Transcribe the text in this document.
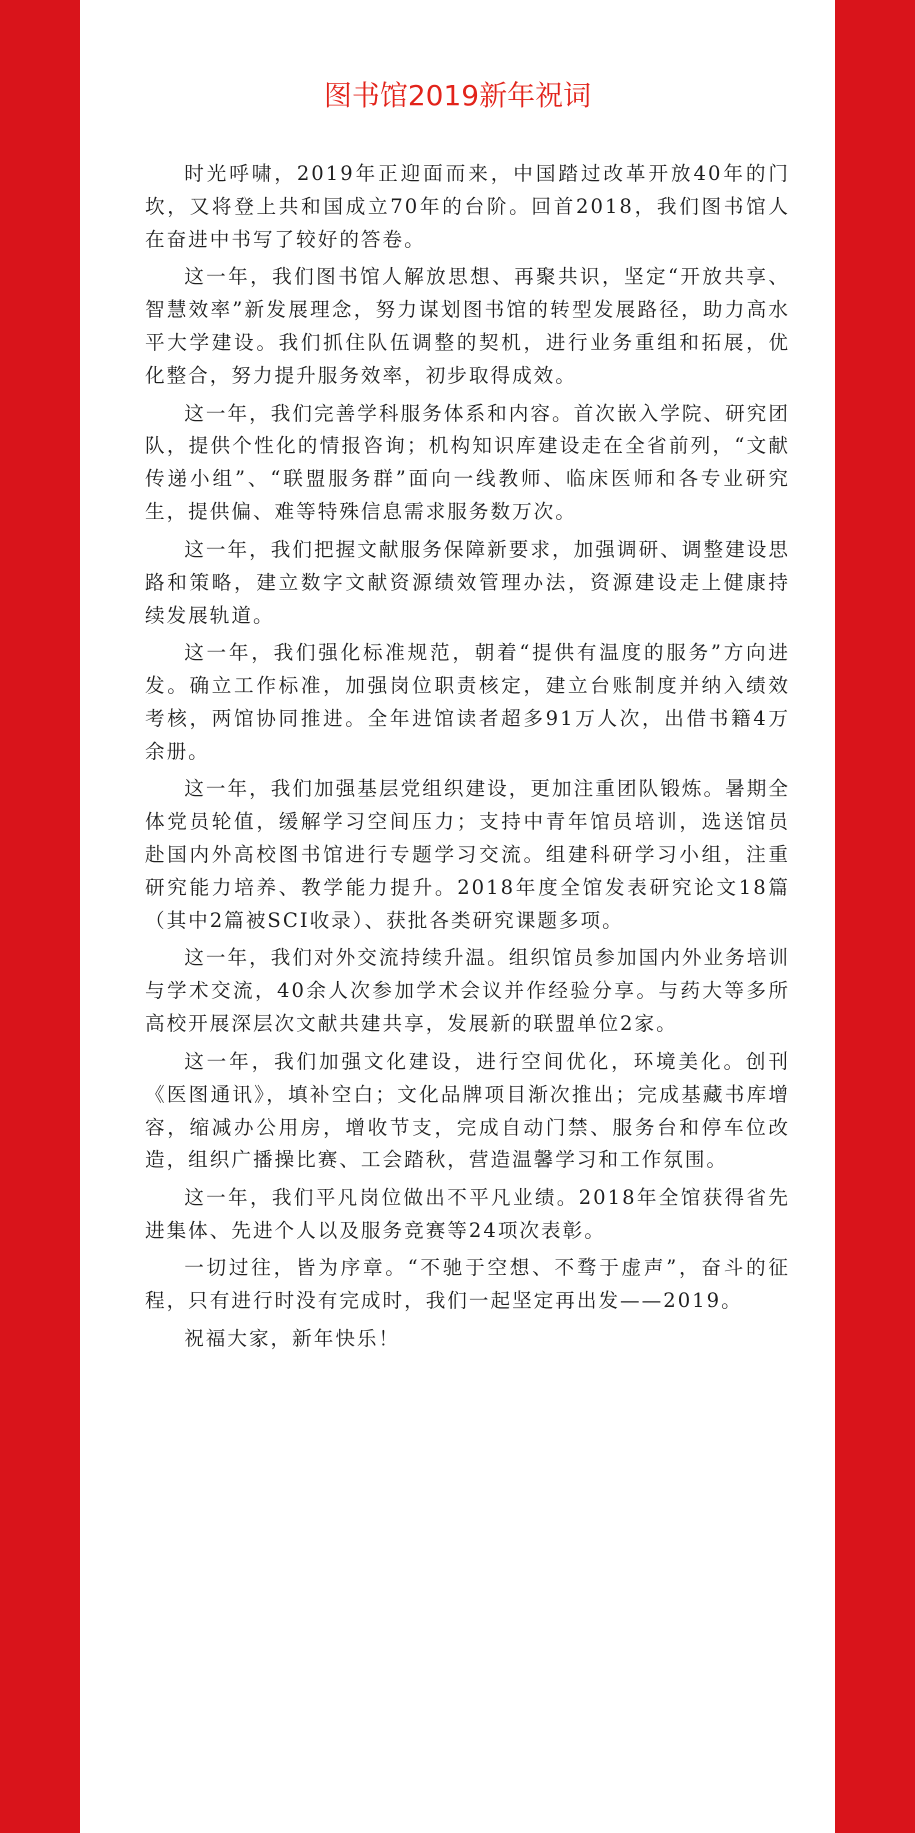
图书馆2019新年祝词

时光呼啸，2019年正迎面而来，中国踏过改革开放40年的门坎，又将登上共和国成立70年的台阶。回首2018，我们图书馆人在奋进中书写了较好的答卷。

这一年，我们图书馆人解放思想、再聚共识，坚定“开放共享、智慧效率”新发展理念，努力谋划图书馆的转型发展路径，助力高水平大学建设。我们抓住队伍调整的契机，进行业务重组和拓展，优化整合，努力提升服务效率，初步取得成效。

这一年，我们完善学科服务体系和内容。首次嵌入学院、研究团队，提供个性化的情报咨询；机构知识库建设走在全省前列，“文献传递小组”、“联盟服务群”面向一线教师、临床医师和各专业研究生，提供偏、难等特殊信息需求服务数万次。

这一年，我们把握文献服务保障新要求，加强调研、调整建设思路和策略，建立数字文献资源绩效管理办法，资源建设走上健康持续发展轨道。

这一年，我们强化标准规范，朝着“提供有温度的服务”方向进发。确立工作标准，加强岗位职责核定，建立台账制度并纳入绩效考核，两馆协同推进。全年进馆读者超多91万人次，出借书籍4万余册。

这一年，我们加强基层党组织建设，更加注重团队锻炼。暑期全体党员轮值，缓解学习空间压力；支持中青年馆员培训，选送馆员赴国内外高校图书馆进行专题学习交流。组建科研学习小组，注重研究能力培养、教学能力提升。2018年度全馆发表研究论文18篇（其中2篇被SCI收录）、获批各类研究课题多项。

这一年，我们对外交流持续升温。组织馆员参加国内外业务培训与学术交流，40余人次参加学术会议并作经验分享。与药大等多所高校开展深层次文献共建共享，发展新的联盟单位2家。

这一年，我们加强文化建设，进行空间优化，环境美化。创刊《医图通讯》，填补空白；文化品牌项目渐次推出；完成基藏书库增容，缩减办公用房，增收节支，完成自动门禁、服务台和停车位改造，组织广播操比赛、工会踏秋，营造温馨学习和工作氛围。

这一年，我们平凡岗位做出不平凡业绩。2018年全馆获得省先进集体、先进个人以及服务竞赛等24项次表彰。

一切过往，皆为序章。“不驰于空想、不骛于虚声”，奋斗的征程，只有进行时没有完成时，我们一起坚定再出发——2019。

祝福大家，新年快乐！
